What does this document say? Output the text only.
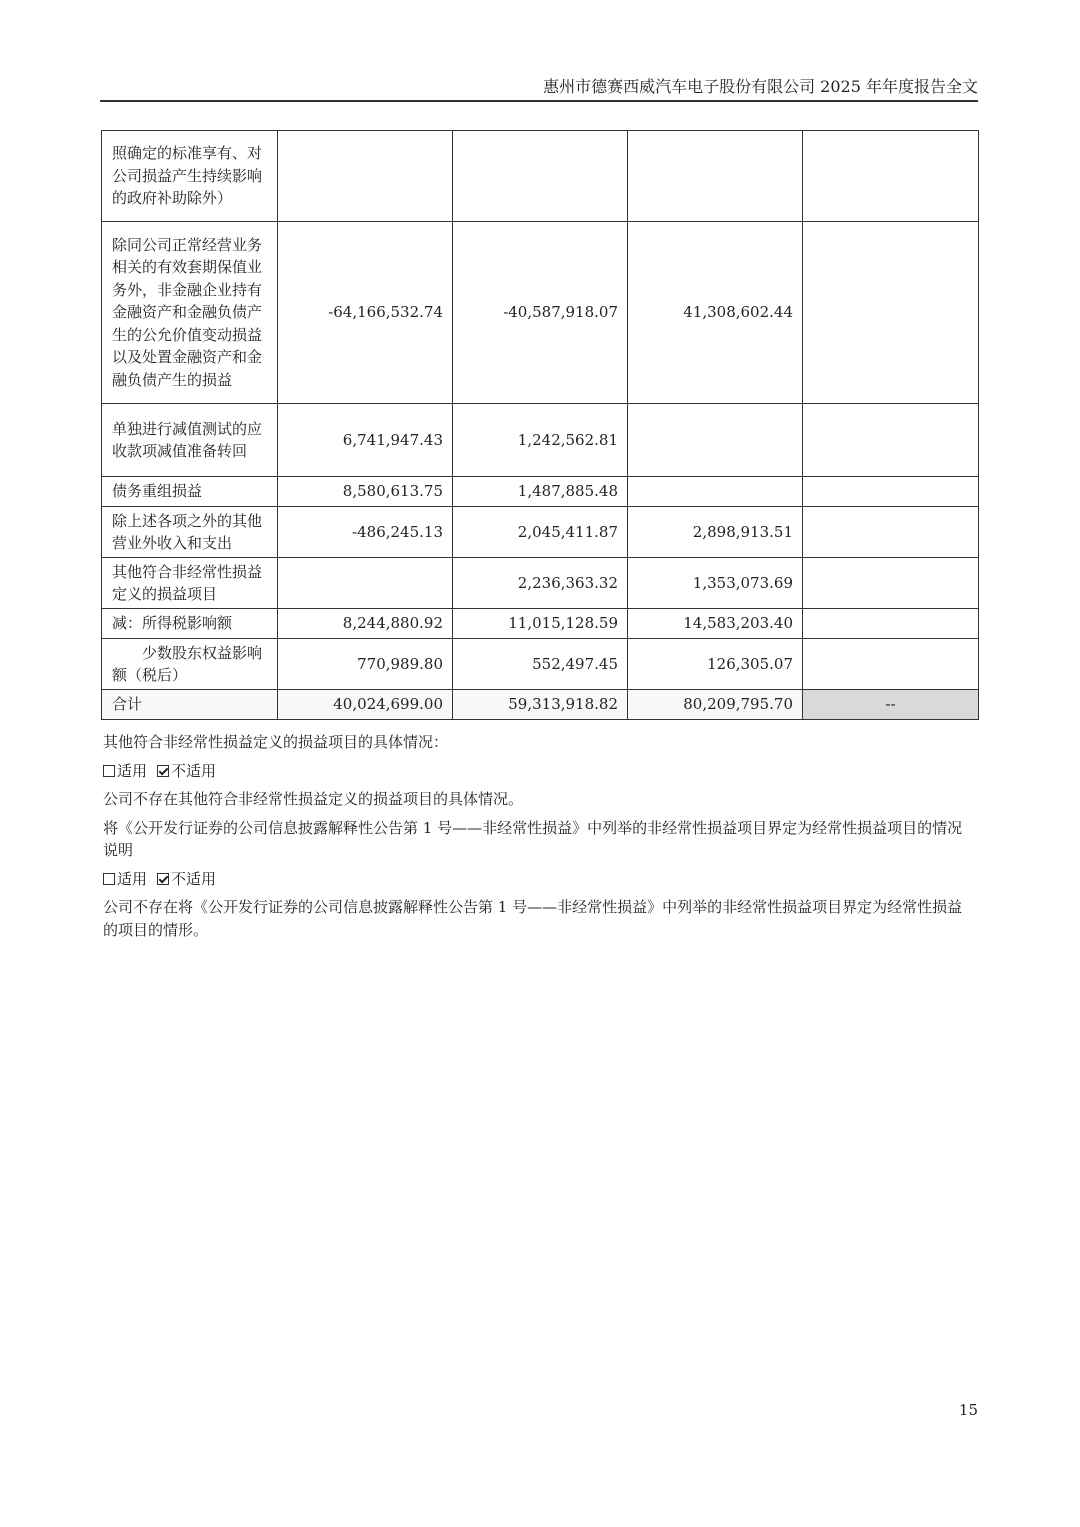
惠州市德赛西威汽车电子股份有限公司 2025 年年度报告全文
照确定的标准享有、对公司损益产生持续影响的政府补助除外）				
除同公司正常经营业务相关的有效套期保值业务外，非金融企业持有金融资产和金融负债产生的公允价值变动损益以及处置金融资产和金融负债产生的损益	-64,166,532.74	-40,587,918.07	41,308,602.44	
单独进行减值测试的应收款项减值准备转回	6,741,947.43	1,242,562.81		
债务重组损益	8,580,613.75	1,487,885.48		
除上述各项之外的其他营业外收入和支出	-486,245.13	2,045,411.87	2,898,913.51	
其他符合非经常性损益定义的损益项目		2,236,363.32	1,353,073.69	
减：所得税影响额	8,244,880.92	11,015,128.59	14,583,203.40	
少数股东权益影响额（税后）	770,989.80	552,497.45	126,305.07	
合计	40,024,699.00	59,313,918.82	80,209,795.70	--

其他符合非经常性损益定义的损益项目的具体情况：

适用 不适用

公司不存在其他符合非经常性损益定义的损益项目的具体情况。

将《公开发行证券的公司信息披露解释性公告第 1 号——非经常性损益》中列举的非经常性损益项目界定为经常性损益项目的情况说明

适用 不适用

公司不存在将《公开发行证券的公司信息披露解释性公告第 1 号——非经常性损益》中列举的非经常性损益项目界定为经常性损益的项目的情形。

15
